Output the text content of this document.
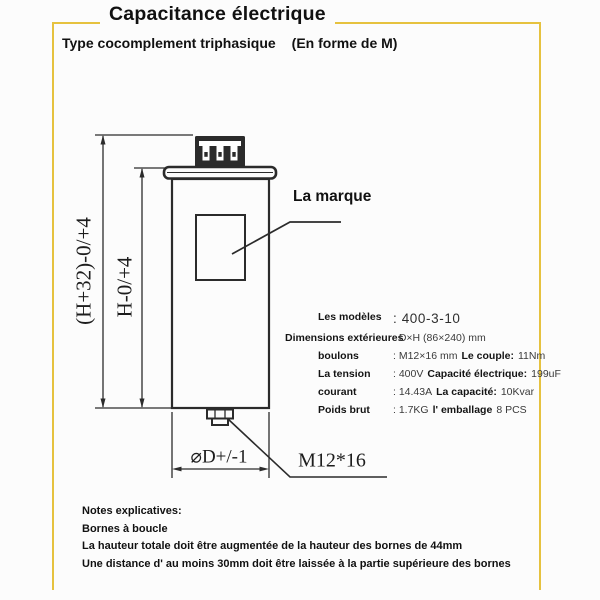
Capacitance électrique
Type cocomplement triphasique (En forme de M)
(H+32)-0/+4 H-0/+4
La marque
⌀D+/-1	M12*16
Les modèles : 400-3-10
Dimensions extérieures
: D×H (86×240) mm
boulons	: M12×16 mm Le couple: 11Nm
La tension : 400V Capacité électrique: 199uF
courant	: 14.43A La capacité: 10Kvar
Poids brut : 1.7KG l' emballage 8 PCS
Notes explicatives:
Bornes à boucle
La hauteur totale doit être augmentée de la hauteur des bornes de 44mm
Une distance d' au moins 30mm doit être laissée à la partie supérieure des bornes
